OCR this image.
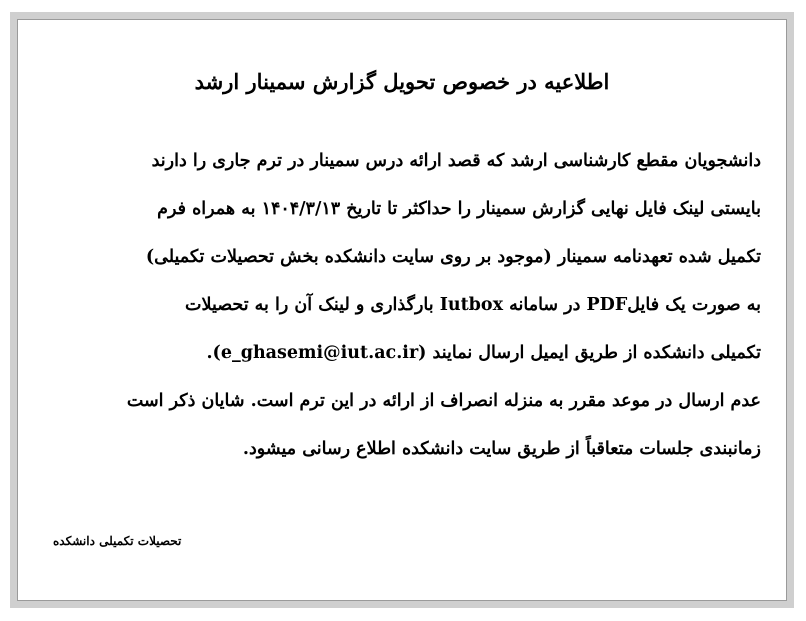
اطلاعیه در خصوص تحویل گزارش سمینار ارشد
دانشجویان مقطع کارشناسی ارشد که قصد ارائه درس سمینار در ترم جاری را دارند
بایستی لینک فایل نهایی گزارش سمینار را حداکثر تا تاریخ ۱۴۰۴/۳/۱۳ به همراه فرم
تکمیل شده تعهدنامه سمینار (موجود بر روی سایت دانشکده بخش تحصیلات تکمیلی)
به صورت یک فایلPDF در سامانه Iutbox بارگذاری و لینک آن را به تحصیلات
تکمیلی دانشکده از طریق ایمیل ارسال نمایند (e_ghasemi@iut.ac.ir).
عدم ارسال در موعد مقرر به منزله انصراف از ارائه در این ترم است. شایان ذکر است
زمانبندی جلسات متعاقباً از طریق سایت دانشکده اطلاع رسانی میشود.
تحصیلات تکمیلی دانشکده
